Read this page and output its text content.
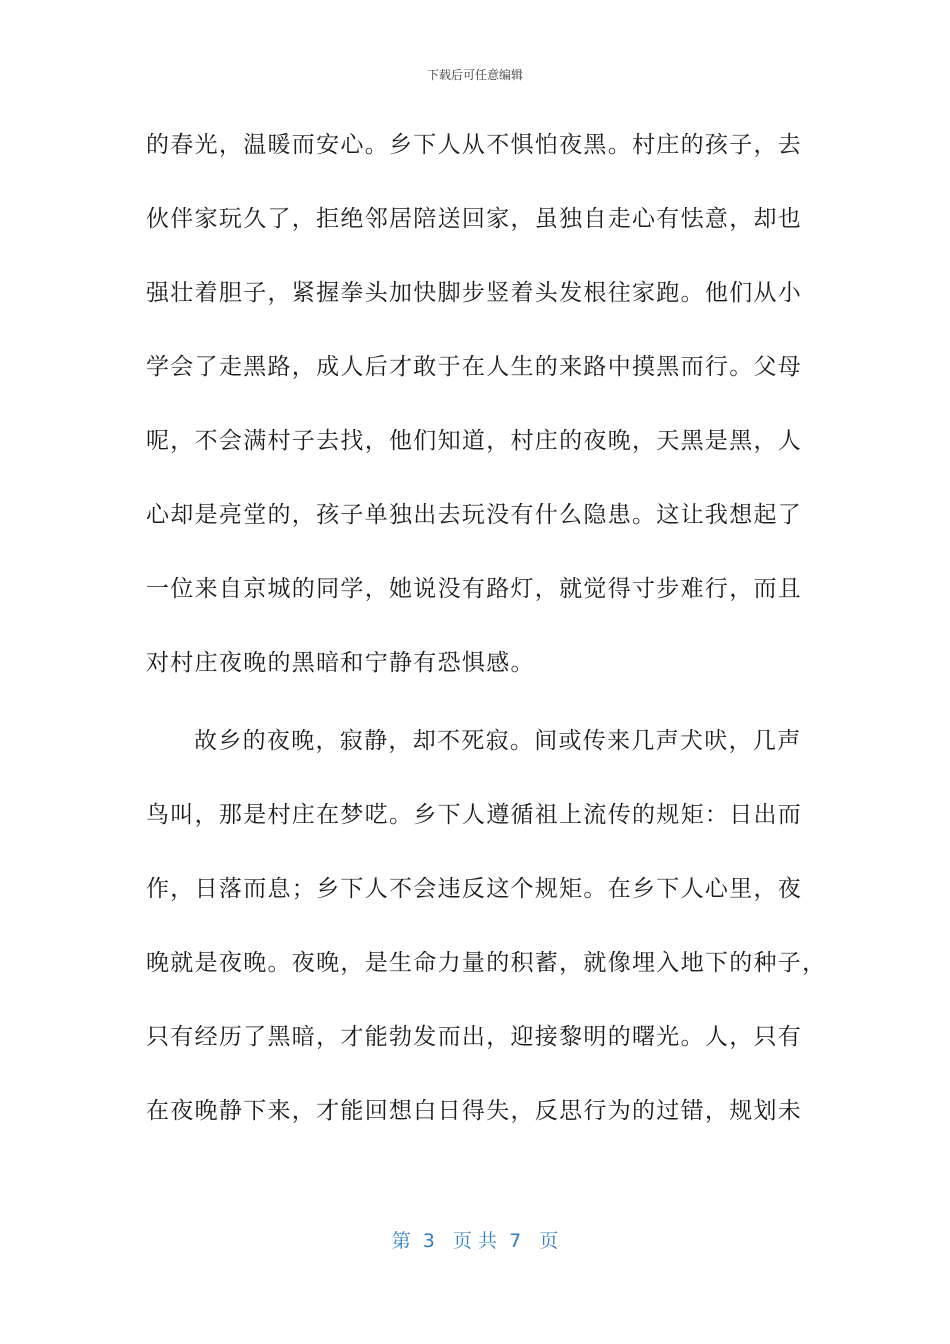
下载后可任意编辑
的春光，温暖而安心。乡下人从不惧怕夜黑。村庄的孩子，去
伙伴家玩久了，拒绝邻居陪送回家，虽独自走心有怯意，却也
强壮着胆子，紧握拳头加快脚步竖着头发根往家跑。他们从小
学会了走黑路，成人后才敢于在人生的来路中摸黑而行。父母
呢，不会满村子去找，他们知道，村庄的夜晚，天黑是黑，人
心却是亮堂的，孩子单独出去玩没有什么隐患。这让我想起了
一位来自京城的同学，她说没有路灯，就觉得寸步难行，而且
对村庄夜晚的黑暗和宁静有恐惧感。
故乡的夜晚，寂静，却不死寂。间或传来几声犬吠，几声
鸟叫，那是村庄在梦呓。乡下人遵循祖上流传的规矩：日出而
作，日落而息；乡下人不会违反这个规矩。在乡下人心里，夜
晚就是夜晚。夜晚，是生命力量的积蓄，就像埋入地下的种子，
只有经历了黑暗，才能勃发而出，迎接黎明的曙光。人，只有
在夜晚静下来，才能回想白日得失，反思行为的过错，规划未
第  3   页 共  7   页
